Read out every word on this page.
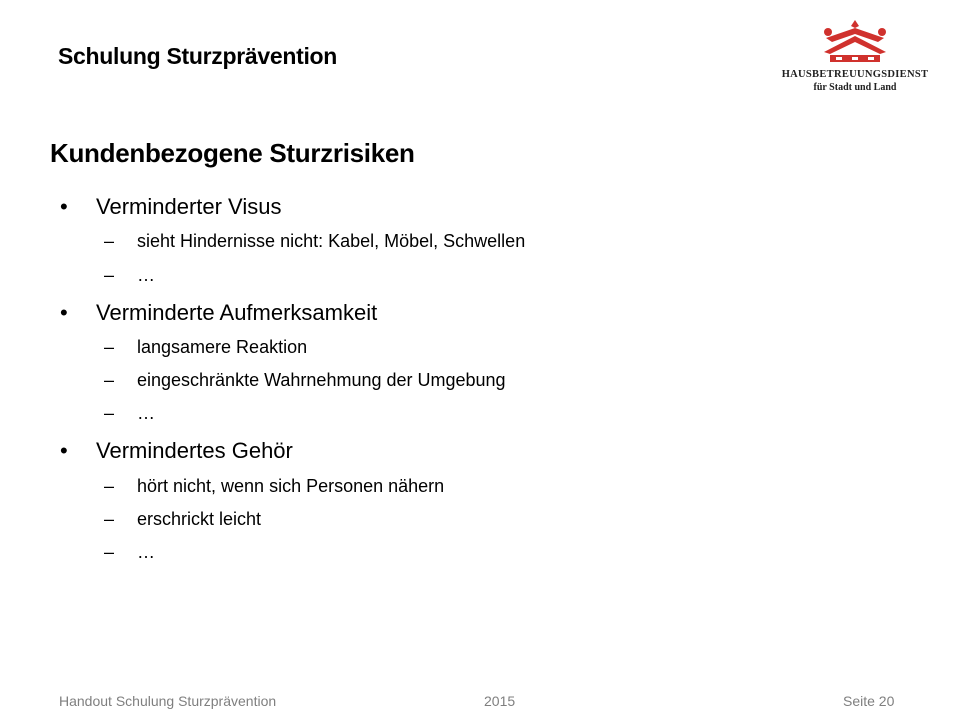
Schulung Sturzprävention
HAUSBETREUUNGSDIENST
für Stadt und Land
Kundenbezogene Sturzrisiken
• Verminderter Visus
– sieht Hindernisse nicht: Kabel, Möbel, Schwellen
– …
• Verminderte Aufmerksamkeit
– langsamere Reaktion
– eingeschränkte Wahrnehmung der Umgebung
– …
• Vermindertes Gehör
– hört nicht, wenn sich Personen nähern
– erschrickt leicht
– …
Handout Schulung Sturzprävention	2015	Seite 20
